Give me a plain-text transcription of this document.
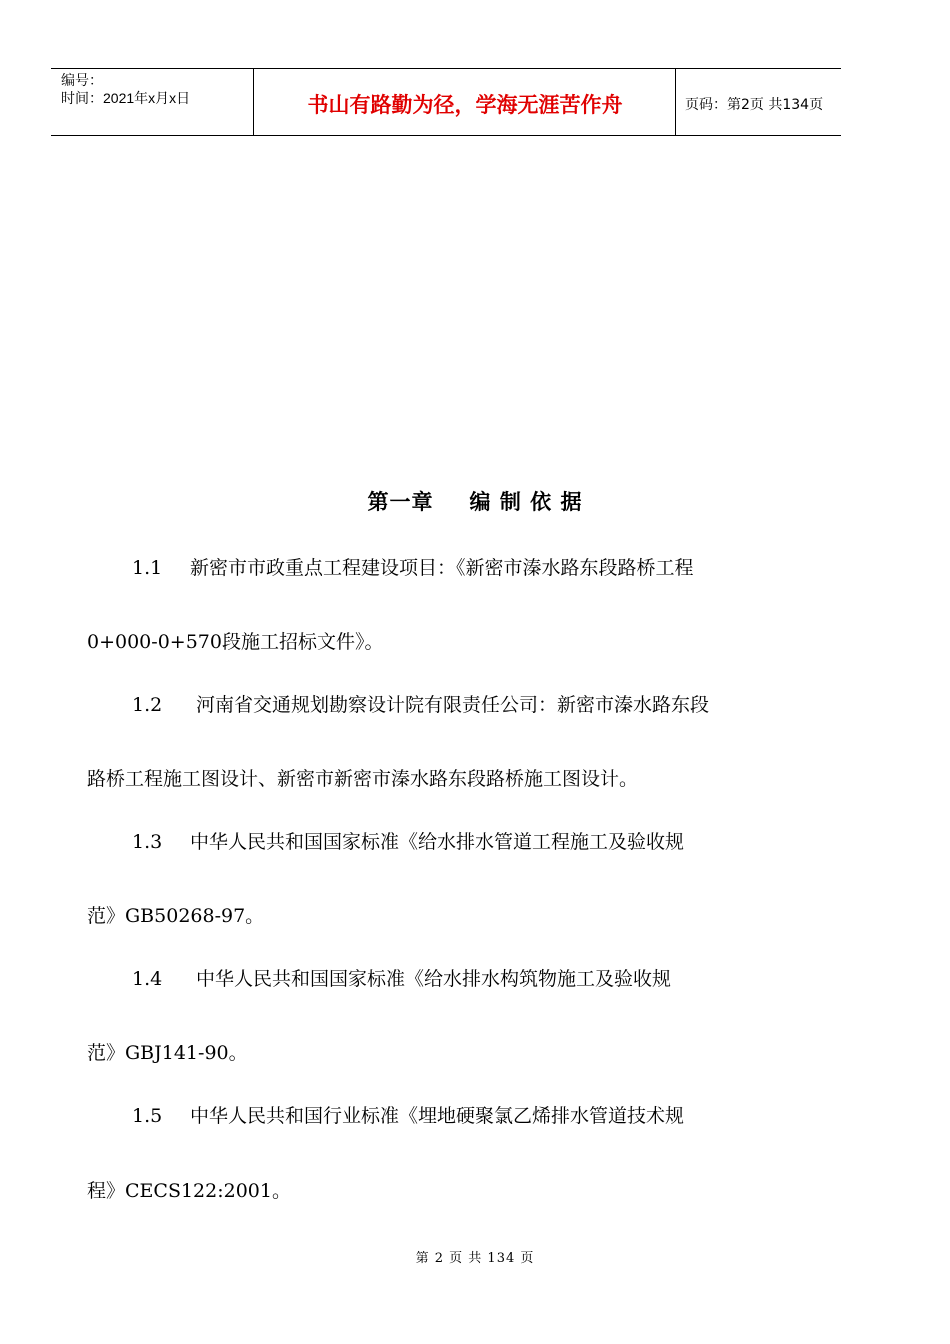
编号：
时间：2021年x月x日	书山有路勤为径，学海无涯苦作舟	页码：第2页 共134页
第一章 编 制 依 据
1.1 新密市市政重点工程建设项目：《新密市溱水路东段路桥工程
0+000-0+570段施工招标文件》。
1.2 河南省交通规划勘察设计院有限责任公司：新密市溱水路东段
路桥工程施工图设计、新密市新密市溱水路东段路桥施工图设计。
1.3 中华人民共和国国家标准《给水排水管道工程施工及验收规
范》GB50268-97。
1.4 中华人民共和国国家标准《给水排水构筑物施工及验收规
范》GBJ141-90。
1.5 中华人民共和国行业标准《埋地硬聚氯乙烯排水管道技术规
程》CECS122:2001。
第 2 页 共 134 页
